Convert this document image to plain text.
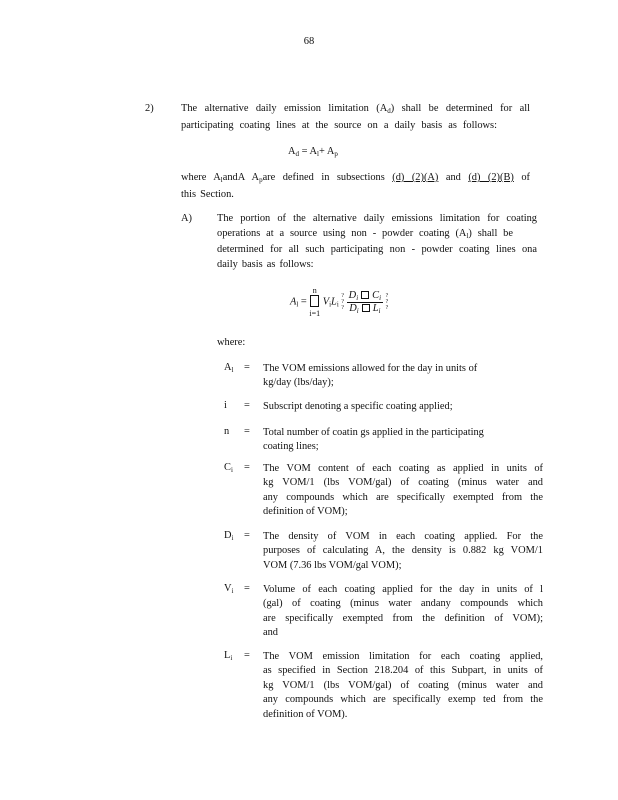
68
2)	The alternative daily emission limitation $(A_d)$ shall be determined for all
participating coating lines at the source on a daily basis as follows:
$A_d = A_l+ A_p$
where $A_landA$ $A_pare$ defined in subsections (d) (2)(A) and (d) (2)(B) of
this Section.
A) The portion of the alternative daily emissions limitation for coating
operations at a source using non - powder coating $(A_l)$ shall be
determined for all such participating non - powder coating lines ona
daily basis as follows:
$A_l$ =
n
i=1
$V_iL_i$
?
?
?
$\frac{D_i C_i}{D_i L_i}$
?
?
?
where:
$A_l$	=	The VOM emissions allowed for the day in units of
kg/day (lbs/day);
i	=	Subscript denoting a specific coating applied;
n	=	Total number of coatin gs applied in the participating
coating lines;
$C_i$	=	The VOM content of each coating as applied in units of
kg VOM/1 (lbs VOM/gal) of coating (minus water and
any compounds which are specifically exempted from the
definition of VOM);
$D_i$	=	The density of VOM in each coating applied. For the
purposes of calculating A, the density is 0.882 kg VOM/1
VOM (7.36 lbs VOM/gal VOM);
$V_i$	=	Volume of each coating applied for the day in units of l
(gal) of coating (minus water andany compounds which
are specifically exempted from the definition of VOM);
and
$L_i$	=	The VOM emission limitation for each coating applied,
as specified in Section 218.204 of this Subpart, in units of
kg VOM/1 (lbs VOM/gal) of coating (minus water and
any compounds which are specifically exemp ted from the
definition of VOM).
